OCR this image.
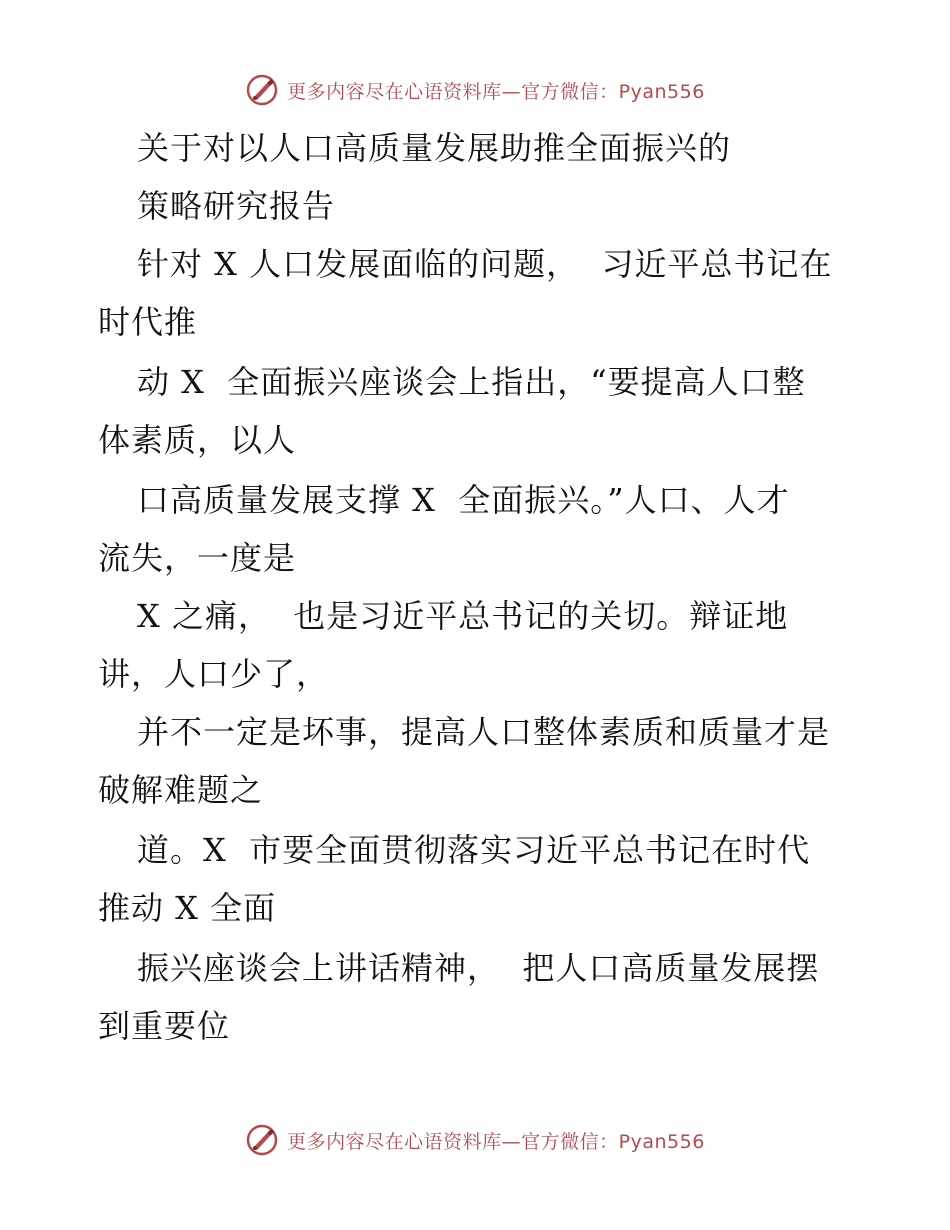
更多内容尽在心语资料库—官方微信：Pyan556
关于对以人口高质量发展助推全面振兴的
策略研究报告
针对 X 人口发展面临的问题，  习近平总书记在
时代推
动 X  全面振兴座谈会上指出，“要提高人口整
体素质，以人
口高质量发展支撑 X  全面振兴。”人口、人才
流失，一度是
X 之痛，  也是习近平总书记的关切。辩证地
讲，人口少了，
并不一定是坏事，提高人口整体素质和质量才是
破解难题之
道。X  市要全面贯彻落实习近平总书记在时代
推动 X 全面
振兴座谈会上讲话精神，  把人口高质量发展摆
到重要位
更多内容尽在心语资料库—官方微信：Pyan556
